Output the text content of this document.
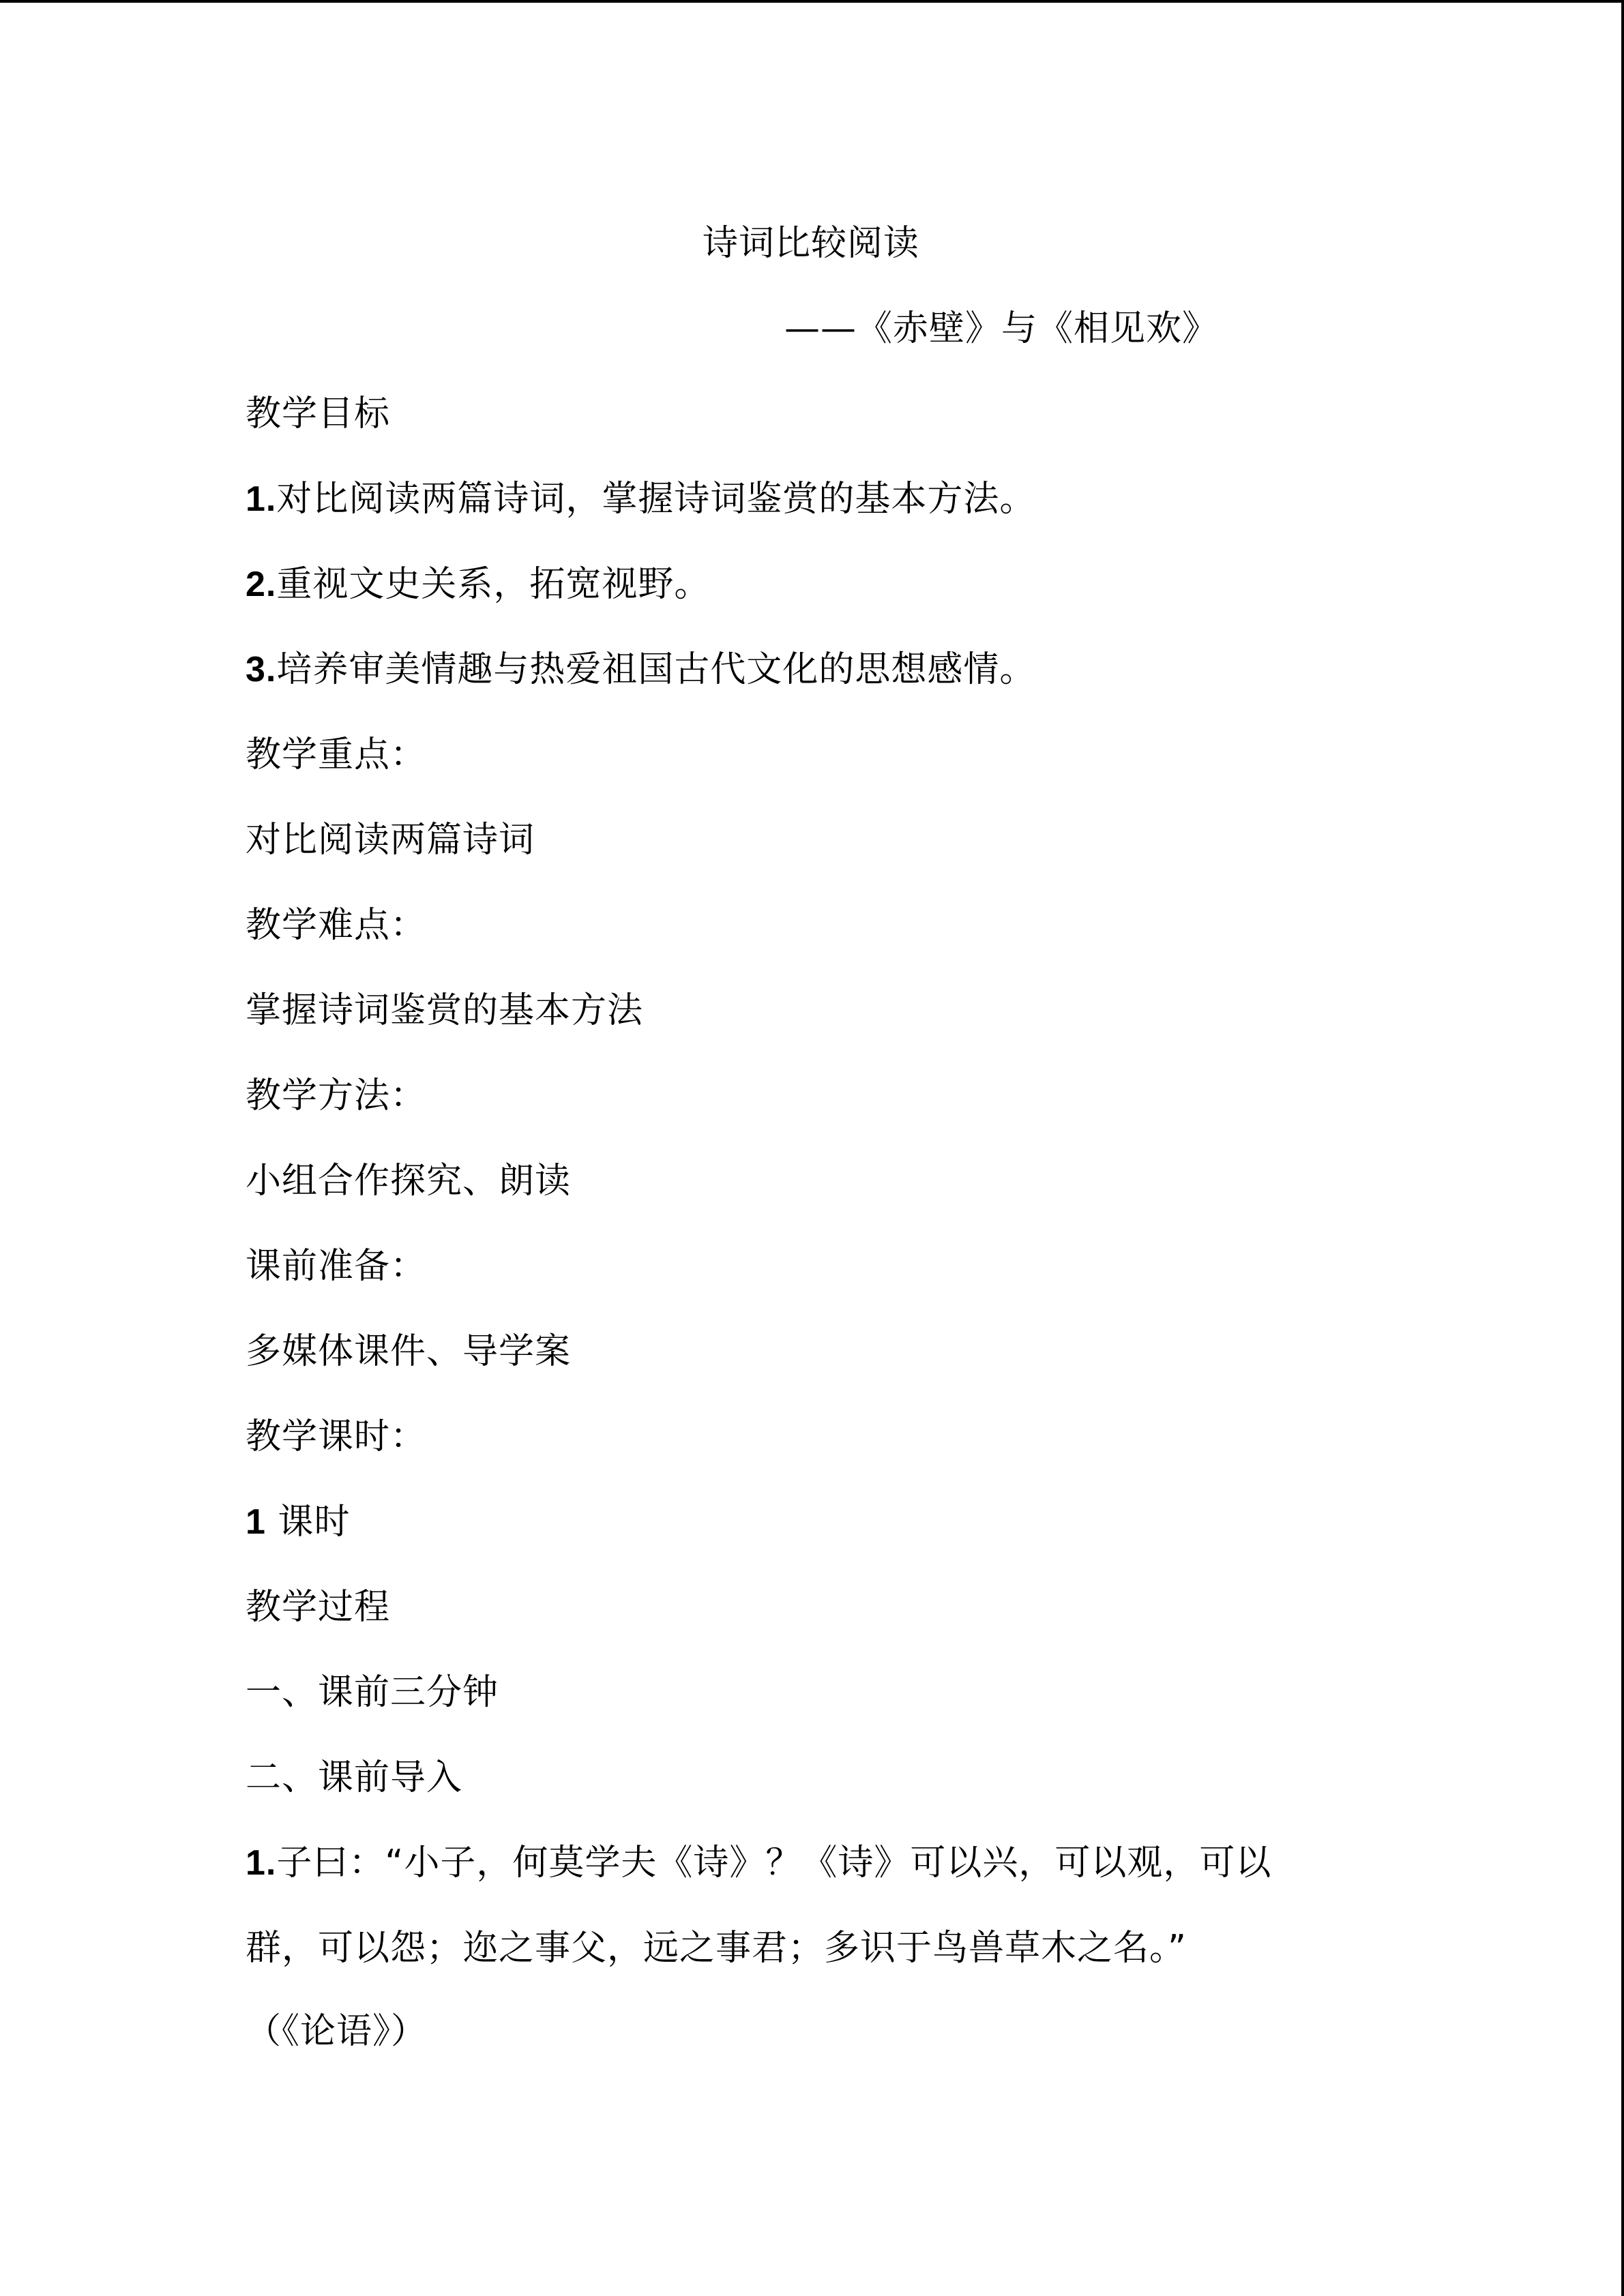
诗词比较阅读
——《赤壁》与《相见欢》
教学目标
1.对比阅读两篇诗词，掌握诗词鉴赏的基本方法。
2.重视文史关系，拓宽视野。
3.培养审美情趣与热爱祖国古代文化的思想感情。
教学重点：
对比阅读两篇诗词
教学难点：
掌握诗词鉴赏的基本方法
教学方法：
小组合作探究、朗读
课前准备：
多媒体课件、导学案
教学课时：
1 课时
教学过程
一、课前三分钟
二、课前导入
1.子曰：“小子，何莫学夫《诗》？《诗》可以兴，可以观，可以
群，可以怨；迩之事父，远之事君；多识于鸟兽草木之名。”
（《论语》）
